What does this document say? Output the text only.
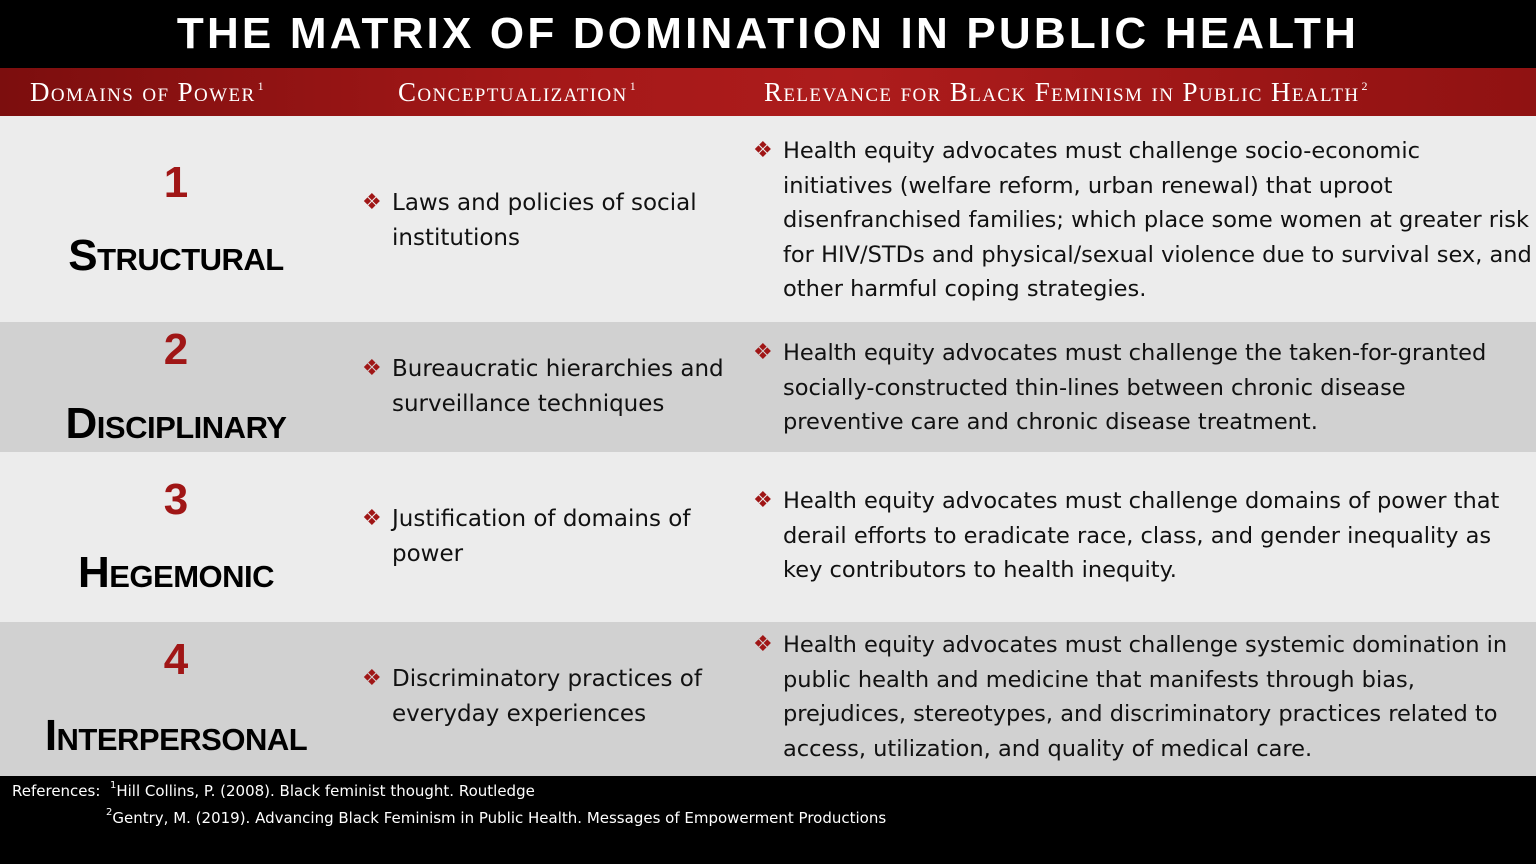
THE MATRIX OF DOMINATION IN PUBLIC HEALTH
Domains of Power$^1$	Conceptualization$^1$	Relevance for Black Feminism in Public Health$^2$
1
Structural
❖ Laws and policies of social institutions
❖ Health equity advocates must challenge socio-economic initiatives (welfare reform, urban renewal) that uproot disenfranchised families; which place some women at greater risk for HIV/STDs and physical/sexual violence due to survival sex, and other harmful coping strategies.
2
Disciplinary
❖ Bureaucratic hierarchies and surveillance techniques
❖ Health equity advocates must challenge the taken-for-granted socially-constructed thin-lines between chronic disease preventive care and chronic disease treatment.
3
Hegemonic
❖ Justification of domains of power
❖ Health equity advocates must challenge domains of power that derail efforts to eradicate race, class, and gender inequality as key contributors to health inequity.
4
Interpersonal
❖ Discriminatory practices of everyday experiences
❖ Health equity advocates must challenge systemic domination in public health and medicine that manifests through bias, prejudices, stereotypes, and discriminatory practices related to access, utilization, and quality of medical care.
References: $^1$Hill Collins, P. (2008). Black feminist thought. Routledge
$^2$Gentry, M. (2019). Advancing Black Feminism in Public Health. Messages of Empowerment Productions
